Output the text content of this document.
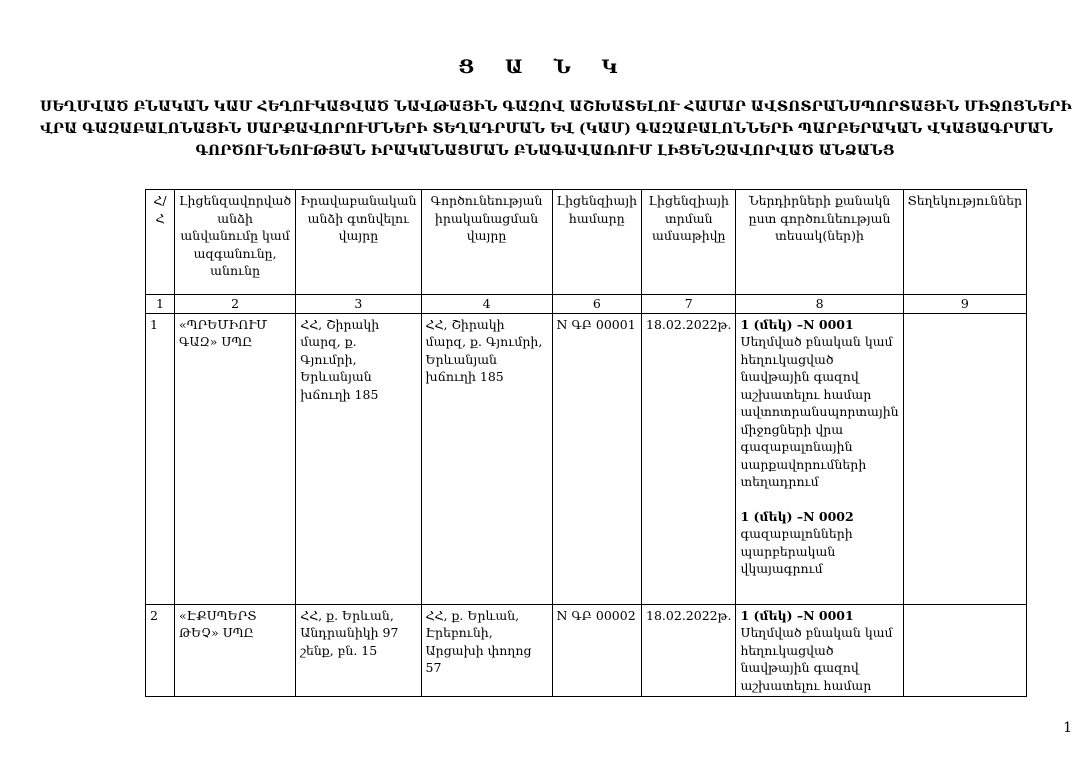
Ց Ա Ն Կ
ՍԵՂՄՎԱԾ ԲՆԱԿԱՆ ԿԱՄ ՀԵՂՈՒԿԱՑՎԱԾ ՆԱՎԹԱՅԻՆ ԳԱԶՈՎ ԱՇԽԱՏԵԼՈՒ ՀԱՄԱՐ ԱՎՏՈՏՐԱՆՍՊՈՐՏԱՅԻՆ ՄԻՋՈՑՆԵՐԻ
ՎՐԱ ԳԱԶԱԲԱԼՈՆԱՅԻՆ ՍԱՐՔԱՎՈՐՈՒՄՆԵՐԻ ՏԵՂԱԴՐՄԱՆ ԵՎ (ԿԱՄ) ԳԱԶԱԲԱԼՈՆՆԵՐԻ ՊԱՐԲԵՐԱԿԱՆ ՎԿԱՅԱԳՐՄԱՆ
ԳՈՐԾՈՒՆԵՈՒԹՅԱՆ ԻՐԱԿԱՆԱՑՄԱՆ ԲՆԱԳԱՎԱՌՈՒՄ ԼԻՑԵՆԶԱՎՈՐՎԱԾ ԱՆՁԱՆՑ
Հ/Հ	Լիցենզավորված անձի անվանումը կամ ազգանունը, անունը	Իրավաբանական անձի գտնվելու վայրը	Գործունեության իրականացման վայրը	Լիցենզիայի համարը	Լիցենզիայի տրման ամսաթիվը	Ներդիրների քանակն ըստ գործունեության տեսակ(ներ)ի	Տեղեկություններ
1	2	3	4	6	7	8	9
1	«ՊՐԵՄԻՈՒՄ ԳԱԶ» ՍՊԸ	ՀՀ, Շիրակի մարզ, ք. Գյումրի, Երևանյան խճուղի 185	ՀՀ, Շիրակի մարզ, ք. Գյումրի, Երևանյան խճուղի 185	N ԳԲ 00001	18.02.2022թ.	1 (մեկ) –N 0001
Սեղմված բնական կամ հեղուկացված նավթային գազով աշխատելու համար ավտոտրանսպորտային միջոցների վրա գազաբալոնային սարքավորումների տեղադրում
1 (մեկ) –N 0002
գազաբալոնների պարբերական վկայագրում	

2	«ԷՔՍՊԵՐՏ ԹԵՉ» ՍՊԸ	ՀՀ, ք. Երևան, Անդրանիկի 97 շենք, բն. 15	ՀՀ, ք. Երևան, Էրեբունի, Արցախի փողոց 57	N ԳԲ 00002	18.02.2022թ.	1 (մեկ) –N 0001
Սեղմված բնական կամ հեղուկացված նավթային գազով աշխատելու համար	

1
